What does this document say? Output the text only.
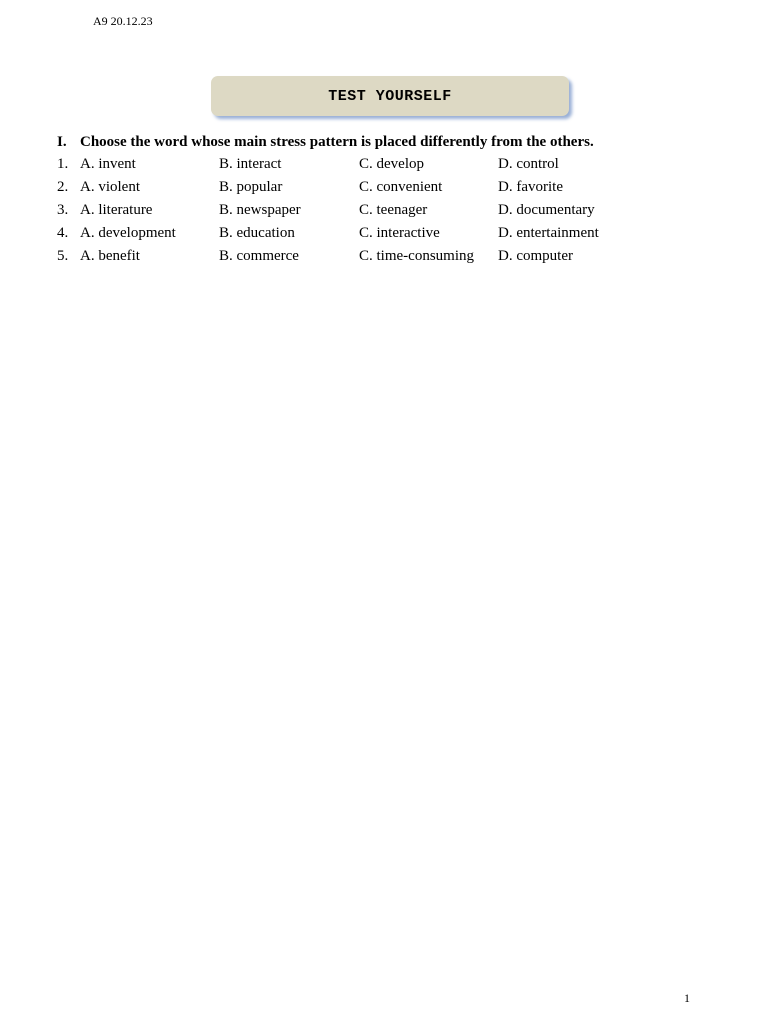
A9 20.12.23
TEST YOURSELF
I. Choose the word whose main stress pattern is placed differently from the others.
1. A. invent	B. interact	C. develop	D. control
2. A. violent	B. popular	C. convenient	D. favorite
3. A. literature	B. newspaper	C. teenager	D. documentary
4. A. development	B. education	C. interactive	D. entertainment
5. A. benefit	B. commerce	C. time-consuming D. computer
1
